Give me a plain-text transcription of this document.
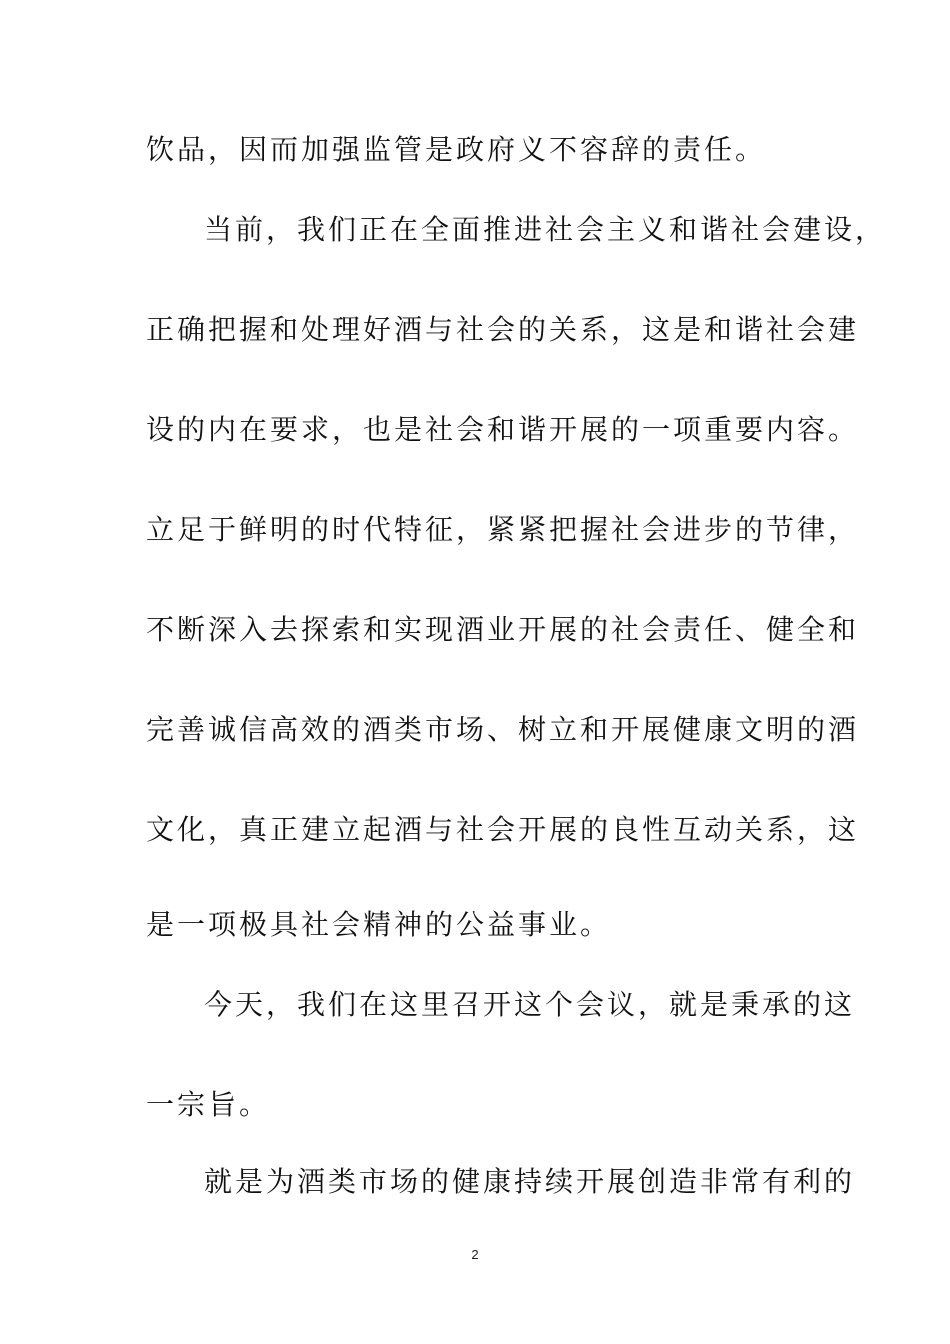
饮品，因而加强监管是政府义不容辞的责任。
当前，我们正在全面推进社会主义和谐社会建设，
正确把握和处理好酒与社会的关系，这是和谐社会建
设的内在要求，也是社会和谐开展的一项重要内容。
立足于鲜明的时代特征，紧紧把握社会进步的节律，
不断深入去探索和实现酒业开展的社会责任、健全和
完善诚信高效的酒类市场、树立和开展健康文明的酒
文化，真正建立起酒与社会开展的良性互动关系，这
是一项极具社会精神的公益事业。
今天，我们在这里召开这个会议，就是秉承的这
一宗旨。
就是为酒类市场的健康持续开展创造非常有利的
2
